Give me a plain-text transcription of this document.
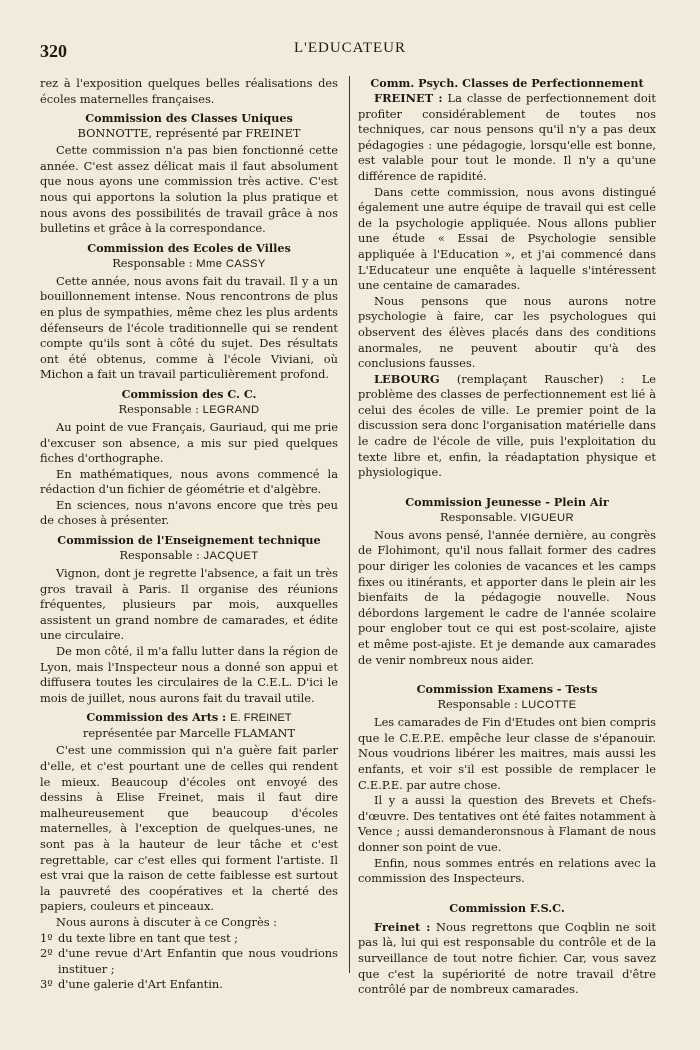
320	L'EDUCATEUR

rez à l'exposition quelques belles réalisations des écoles maternelles françaises.

Commission des Classes Uniques
BONNOTTE, représenté par FREINET

Cette commission n'a pas bien fonctionné cette année. C'est assez délicat mais il faut absolument que nous ayons une commission très active. C'est nous qui apportons la solution la plus pratique et nous avons des possibilités de travail grâce à nos bulletins et grâce à la correspondance.

Commission des Ecoles de Villes
Responsable : Mme CASSY

Cette année, nous avons fait du travail. Il y a un bouillonnement intense. Nous rencontrons de plus en plus de sympathies, même chez les plus ardents défenseurs de l'école traditionnelle qui se rendent compte qu'ils sont à côté du sujet. Des résultats ont été obtenus, comme à l'école Viviani, où Michon a fait un travail particulièrement profond.

Commission des C. C.
Responsable : LEGRAND

Au point de vue Français, Gauriaud, qui me prie d'excuser son absence, a mis sur pied quelques fiches d'orthographe.

En mathématiques, nous avons commencé la rédaction d'un fichier de géométrie et d'algèbre.

En sciences, nous n'avons encore que très peu de choses à présenter.

Commission de l'Enseignement technique
Responsable : JACQUET

Vignon, dont je regrette l'absence, a fait un très gros travail à Paris. Il organise des réunions fréquentes, plusieurs par mois, auxquelles assistent un grand nombre de camarades, et édite une circulaire.

De mon côté, il m'a fallu lutter dans la région de Lyon, mais l'Inspecteur nous a donné son appui et diffusera toutes les circulaires de la C.E.L. D'ici le mois de juillet, nous aurons fait du travail utile.

Commission des Arts : E. FREINET
représentée par Marcelle FLAMANT

C'est une commission qui n'a guère fait parler d'elle, et c'est pourtant une de celles qui rendent le mieux. Beaucoup d'écoles ont envoyé des dessins à Elise Freinet, mais il faut dire malheureusement que beaucoup d'écoles maternelles, à l'exception de quelques-unes, ne sont pas à la hauteur de leur tâche et c'est regrettable, car c'est elles qui forment l'artiste. Il est vrai que la raison de cette faiblesse est surtout la pauvreté des coopératives et la cherté des papiers, couleurs et pinceaux.

Nous aurons à discuter à ce Congrès :

1º du texte libre en tant que test ;

2º d'une revue d'Art Enfantin que nous voudrions instituer ;

3º d'une galerie d'Art Enfantin.

Comm. Psych. Classes de Perfectionnement

FREINET : La classe de perfectionnement doit profiter considérablement de toutes nos techniques, car nous pensons qu'il n'y a pas deux pédagogies : une pédagogie, lorsqu'elle est bonne, est valable pour tout le monde. Il n'y a qu'une différence de rapidité.

Dans cette commission, nous avons distingué également une autre équipe de travail qui est celle de la psychologie appliquée. Nous allons publier une étude « Essai de Psychologie sensible appliquée à l'Education », et j'ai commencé dans L'Educateur une enquête à laquelle s'intéressent une centaine de camarades.

Nous pensons que nous aurons notre psychologie à faire, car les psychologues qui observent des élèves placés dans des conditions anormales, ne peuvent aboutir qu'à des conclusions fausses.

LEBOURG (remplaçant Rauscher) : Le problème des classes de perfectionnement est lié à celui des écoles de ville. Le premier point de la discussion sera donc l'organisation matérielle dans le cadre de l'école de ville, puis l'exploitation du texte libre et, enfin, la réadaptation physique et physiologique.

Commission Jeunesse - Plein Air
Responsable. VIGUEUR

Nous avons pensé, l'année dernière, au congrès de Flohimont, qu'il nous fallait former des cadres pour diriger les colonies de vacances et les camps fixes ou itinérants, et apporter dans le plein air les bienfaits de la pédagogie nouvelle. Nous débordons largement le cadre de l'année scolaire pour englober tout ce qui est post-scolaire, ajiste et même post-ajiste. Et je demande aux camarades de venir nombreux nous aider.

Commission Examens - Tests
Responsable : LUCOTTE

Les camarades de Fin d'Etudes ont bien compris que le C.E.P.E. empêche leur classe de s'épanouir. Nous voudrions libérer les maitres, mais aussi les enfants, et voir s'il est possible de remplacer le C.E.P.E. par autre chose.

Il y a aussi la question des Brevets et Chefs-d'œuvre. Des tentatives ont été faites notamment à Vence ; aussi demanderonsnous à Flamant de nous donner son point de vue.

Enfin, nous sommes entrés en relations avec la commission des Inspecteurs.

Commission F.S.C.

Freinet : Nous regrettons que Coqblin ne soit pas là, lui qui est responsable du contrôle et de la surveillance de tout notre fichier. Car, vous savez que c'est la supériorité de notre travail d'être contrôlé par de nombreux camarades.
